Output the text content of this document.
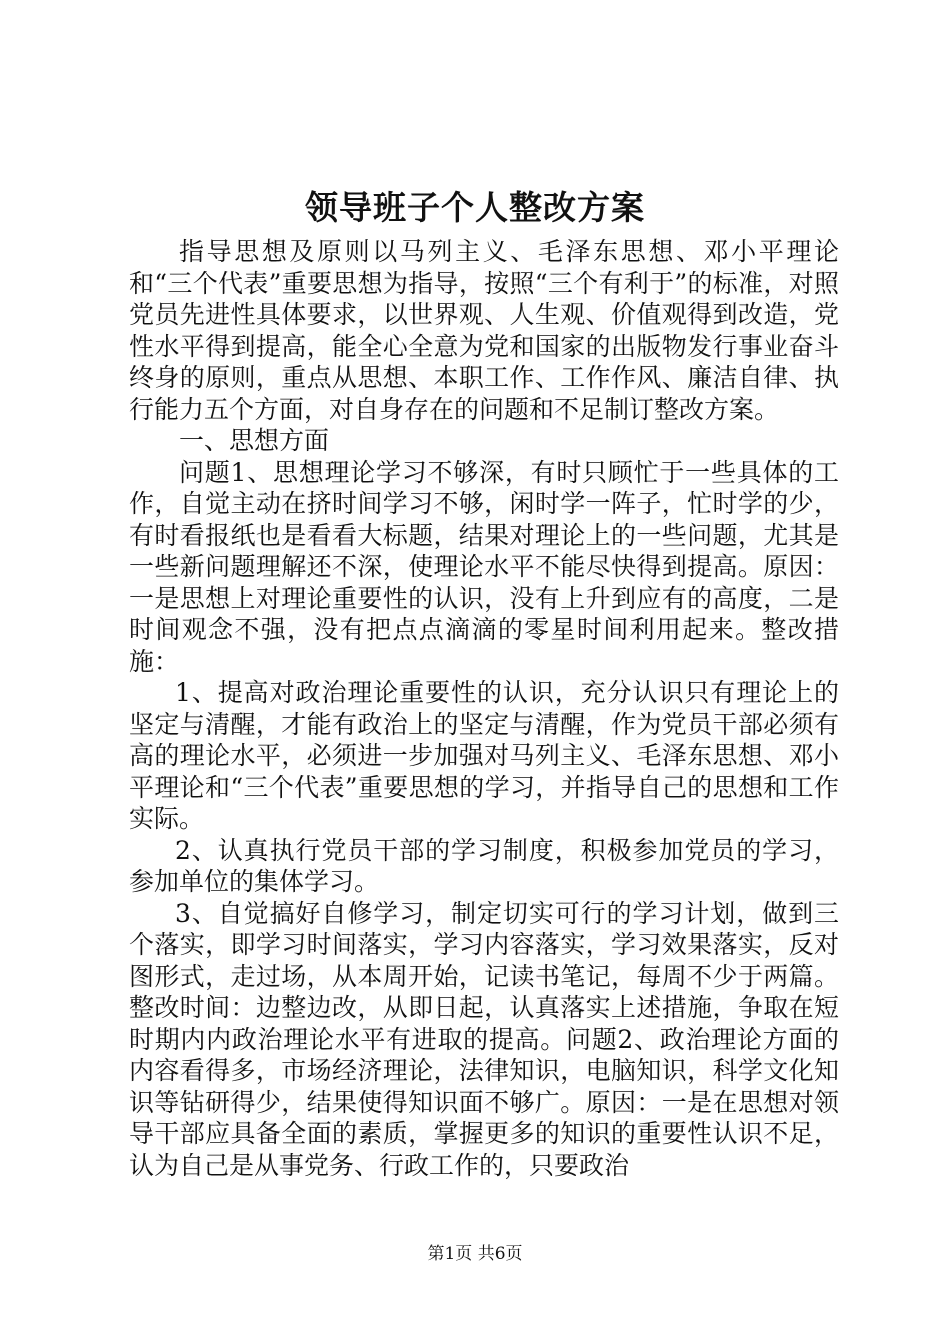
领导班子个人整改方案

指导思想及原则以马列主义、毛泽东思想、邓小平理论和“三个代表”重要思想为指导，按照“三个有利于”的标准，对照党员先进性具体要求，以世界观、人生观、价值观得到改造，党性水平得到提高，能全心全意为党和国家的出版物发行事业奋斗终身的原则，重点从思想、本职工作、工作作风、廉洁自律、执行能力五个方面，对自身存在的问题和不足制订整改方案。

一、思想方面

问题1、思想理论学习不够深，有时只顾忙于一些具体的工作，自觉主动在挤时间学习不够，闲时学一阵子，忙时学的少，有时看报纸也是看看大标题，结果对理论上的一些问题，尤其是一些新问题理解还不深，使理论水平不能尽快得到提高。原因：一是思想上对理论重要性的认识，没有上升到应有的高度，二是时间观念不强，没有把点点滴滴的零星时间利用起来。整改措施：

1、提高对政治理论重要性的认识，充分认识只有理论上的坚定与清醒，才能有政治上的坚定与清醒，作为党员干部必须有高的理论水平，必须进一步加强对马列主义、毛泽东思想、邓小平理论和“三个代表”重要思想的学习，并指导自己的思想和工作实际。

2、认真执行党员干部的学习制度，积极参加党员的学习，参加单位的集体学习。

3、自觉搞好自修学习，制定切实可行的学习计划，做到三个落实，即学习时间落实，学习内容落实，学习效果落实，反对图形式，走过场，从本周开始，记读书笔记，每周不少于两篇。整改时间：边整边改，从即日起，认真落实上述措施，争取在短时期内内政治理论水平有进取的提高。问题2、政治理论方面的内容看得多，市场经济理论，法律知识，电脑知识，科学文化知识等钻研得少，结果使得知识面不够广。原因：一是在思想对领导干部应具备全面的素质，掌握更多的知识的重要性认识不足，认为自己是从事党务、行政工作的，只要政治

第1页 共6页
